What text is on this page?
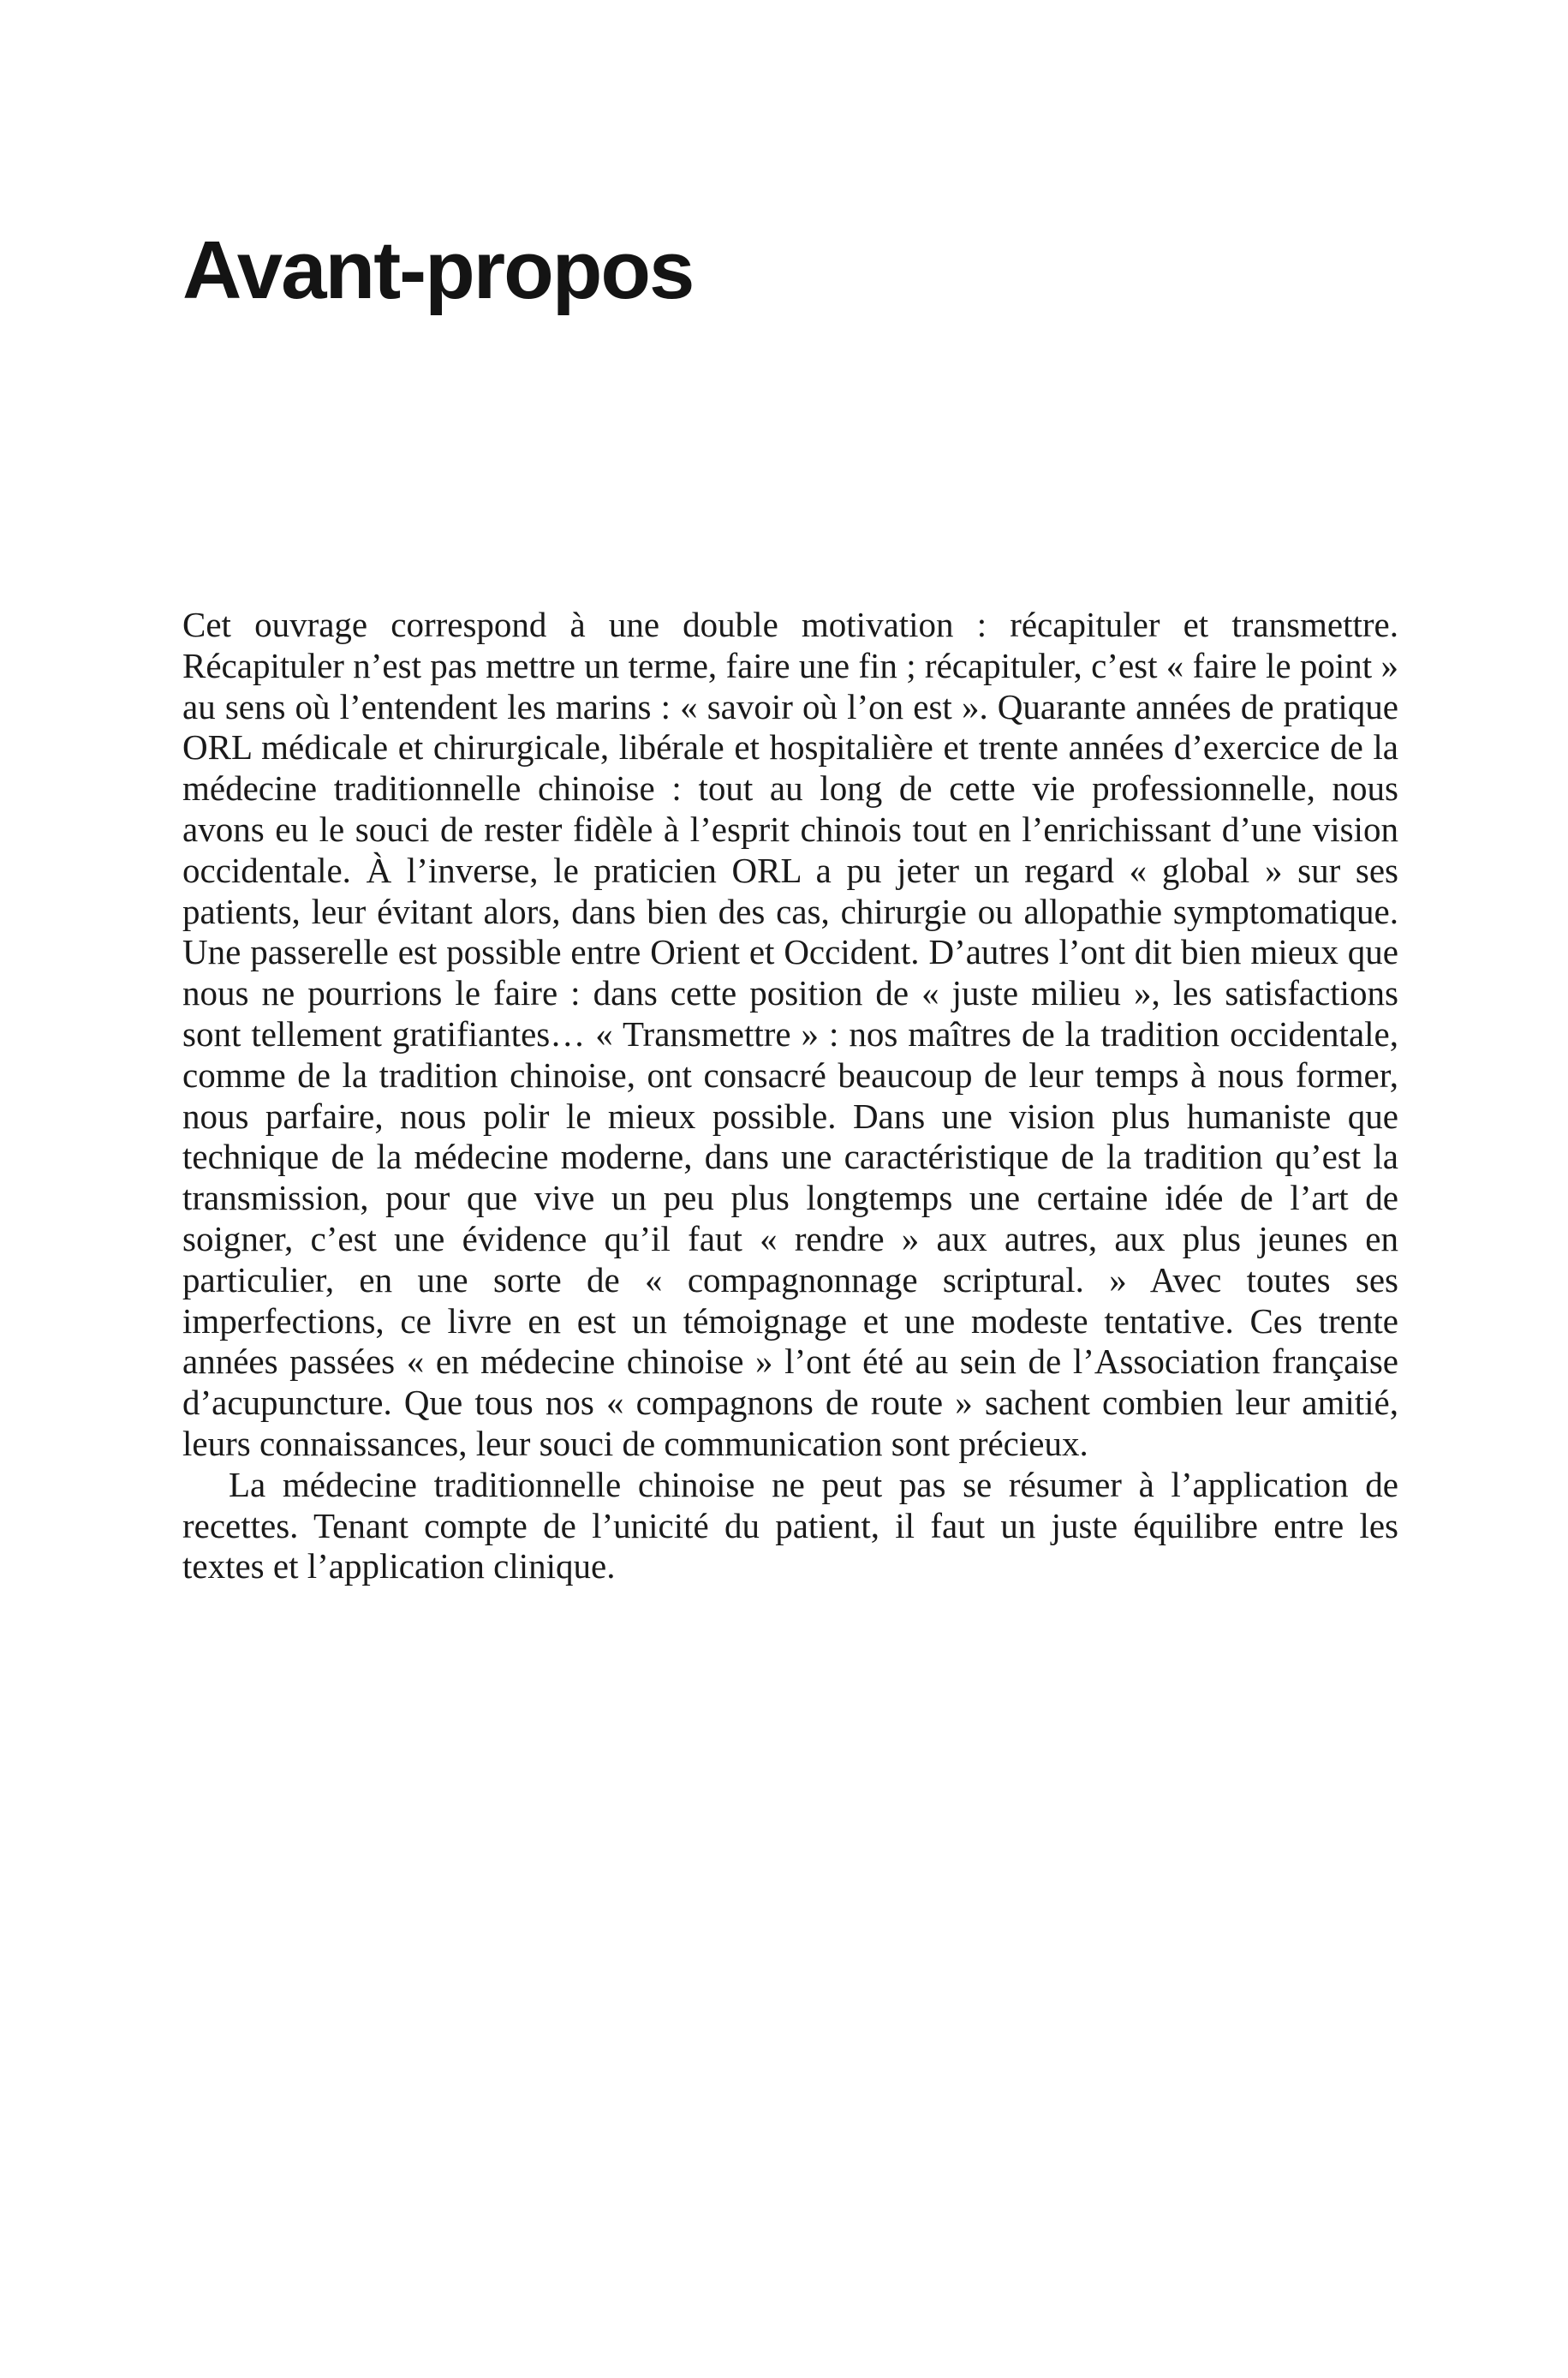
Avant-propos

Cet ouvrage correspond à une double motivation : récapituler et transmettre. Récapituler n’est pas mettre un terme, faire une fin ; récapituler, c’est « faire le point » au sens où l’entendent les marins : « savoir où l’on est ». Quarante années de pratique ORL médicale et chirurgicale, libérale et hospitalière et trente années d’exercice de la médecine traditionnelle chinoise : tout au long de cette vie professionnelle, nous avons eu le souci de rester fidèle à l’esprit chinois tout en l’enrichissant d’une vision occidentale. À l’inverse, le praticien ORL a pu jeter un regard « global » sur ses patients, leur évitant alors, dans bien des cas, chirurgie ou allopathie symptomatique. Une passerelle est possible entre Orient et Occident. D’autres l’ont dit bien mieux que nous ne pourrions le faire : dans cette position de « juste milieu », les satisfactions sont tellement gratifiantes… « Transmettre » : nos maîtres de la tradition occidentale, comme de la tradition chinoise, ont consacré beaucoup de leur temps à nous former, nous parfaire, nous polir le mieux possible. Dans une vision plus humaniste que technique de la médecine moderne, dans une caractéristique de la tradition qu’est la transmission, pour que vive un peu plus longtemps une certaine idée de l’art de soigner, c’est une évidence qu’il faut « rendre » aux autres, aux plus jeunes en particulier, en une sorte de « compagnonnage scriptural. » Avec toutes ses imperfections, ce livre en est un témoignage et une modeste tentative. Ces trente années passées « en médecine chinoise » l’ont été au sein de l’Association française d’acupuncture. Que tous nos « compagnons de route » sachent combien leur amitié, leurs connaissances, leur souci de communication sont précieux.

La médecine traditionnelle chinoise ne peut pas se résumer à l’application de recettes. Tenant compte de l’unicité du patient, il faut un juste équilibre entre les textes et l’application clinique.
